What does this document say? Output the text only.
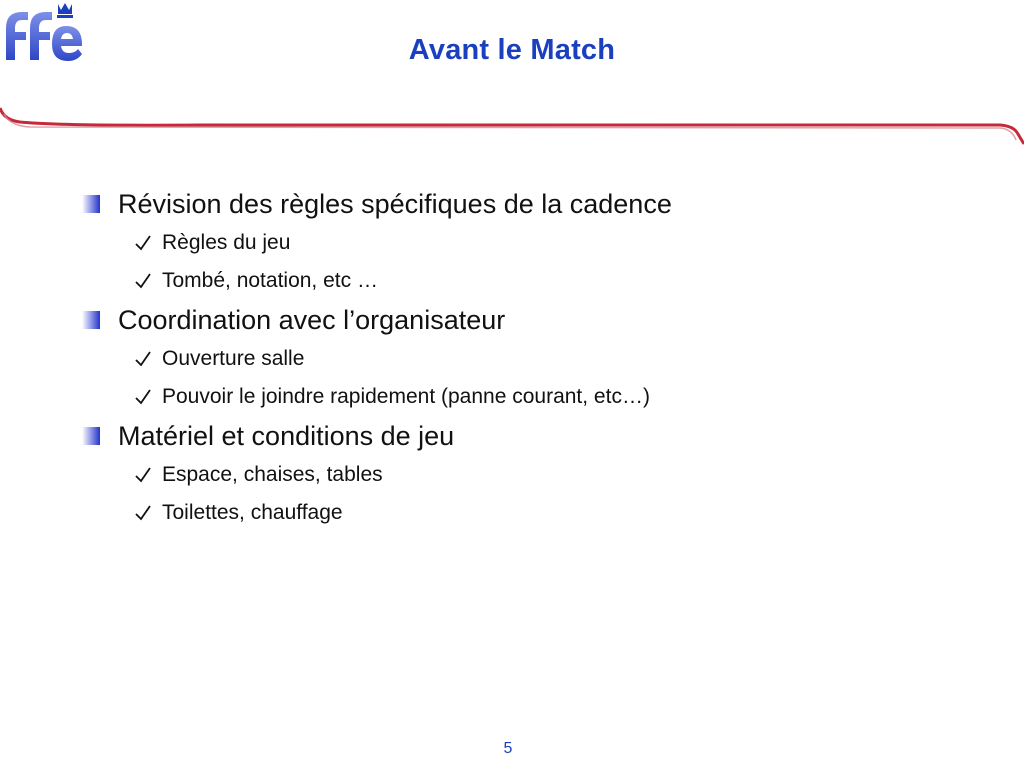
ffe
Avant le Match
Révision des règles spécifiques de la cadence
Règles du jeu
Tombé, notation, etc …
Coordination avec l’organisateur
Ouverture salle
Pouvoir le joindre rapidement (panne courant, etc…)
Matériel et conditions de jeu
Espace, chaises, tables
Toilettes, chauffage
5
